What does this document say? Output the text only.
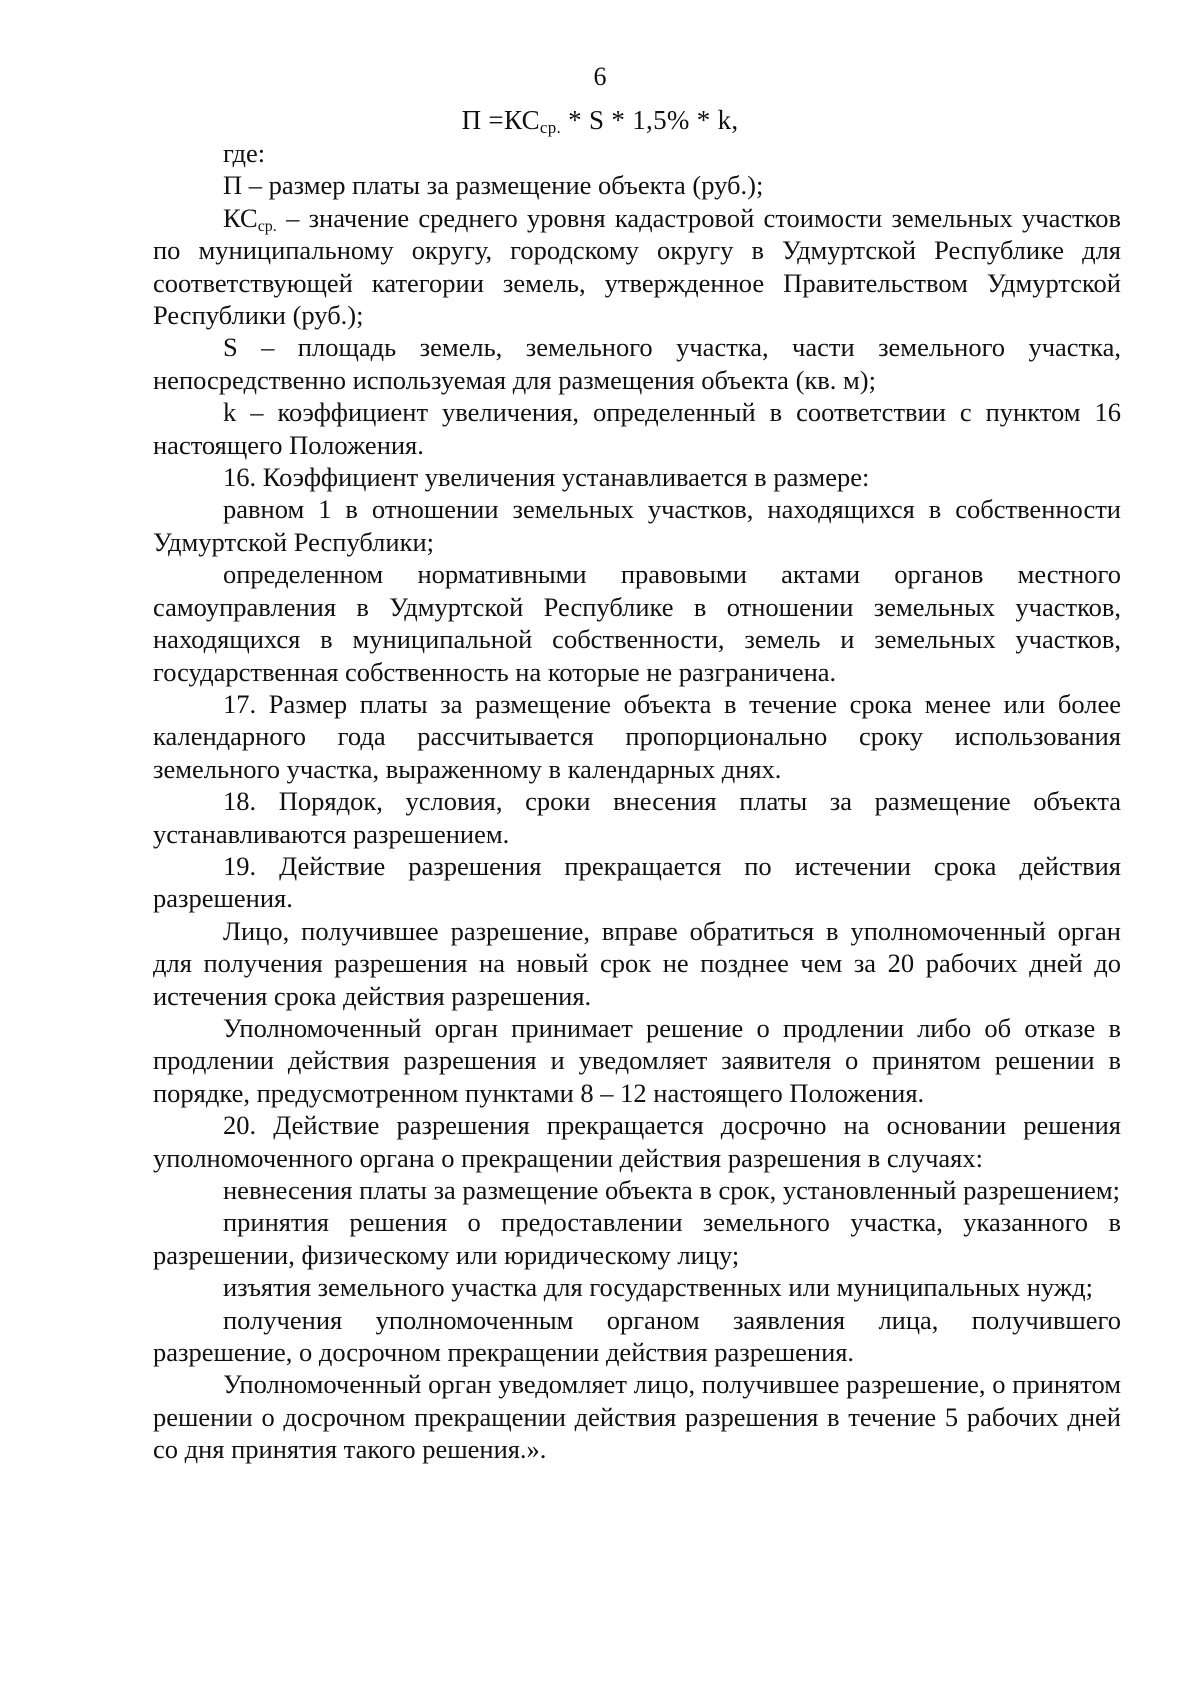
6
$П =КС_{ср.} * S * 1,5\% * k$,

где:

П – размер платы за размещение объекта (руб.);

$КС_{ср.}$ – значение среднего уровня кадастровой стоимости земельных участков по муниципальному округу, городскому округу в Удмуртской Республике для соответствующей категории земель, утвержденное Правительством Удмуртской Республики (руб.);

S – площадь земель, земельного участка, части земельного участка, непосредственно используемая для размещения объекта (кв. м);

k – коэффициент увеличения, определенный в соответствии с пунктом 16 настоящего Положения.

16. Коэффициент увеличения устанавливается в размере:

равном 1 в отношении земельных участков, находящихся в собственности Удмуртской Республики;

определенном нормативными правовыми актами органов местного самоуправления в Удмуртской Республике в отношении земельных участков, находящихся в муниципальной собственности, земель и земельных участков, государственная собственность на которые не разграничена.

17. Размер платы за размещение объекта в течение срока менее или более календарного года рассчитывается пропорционально сроку использования земельного участка, выраженному в календарных днях.

18. Порядок, условия, сроки внесения платы за размещение объекта устанавливаются разрешением.

19. Действие разрешения прекращается по истечении срока действия разрешения.

Лицо, получившее разрешение, вправе обратиться в уполномоченный орган для получения разрешения на новый срок не позднее чем за 20 рабочих дней до истечения срока действия разрешения.

Уполномоченный орган принимает решение о продлении либо об отказе в продлении действия разрешения и уведомляет заявителя о принятом решении в порядке, предусмотренном пунктами 8 – 12 настоящего Положения.

20. Действие разрешения прекращается досрочно на основании решения уполномоченного органа о прекращении действия разрешения в случаях:

невнесения платы за размещение объекта в срок, установленный разрешением;

принятия решения о предоставлении земельного участка, указанного в разрешении, физическому или юридическому лицу;

изъятия земельного участка для государственных или муниципальных нужд;

получения уполномоченным органом заявления лица, получившего разрешение, о досрочном прекращении действия разрешения.

Уполномоченный орган уведомляет лицо, получившее разрешение, о принятом решении о досрочном прекращении действия разрешения в течение 5 рабочих дней со дня принятия такого решения.».
